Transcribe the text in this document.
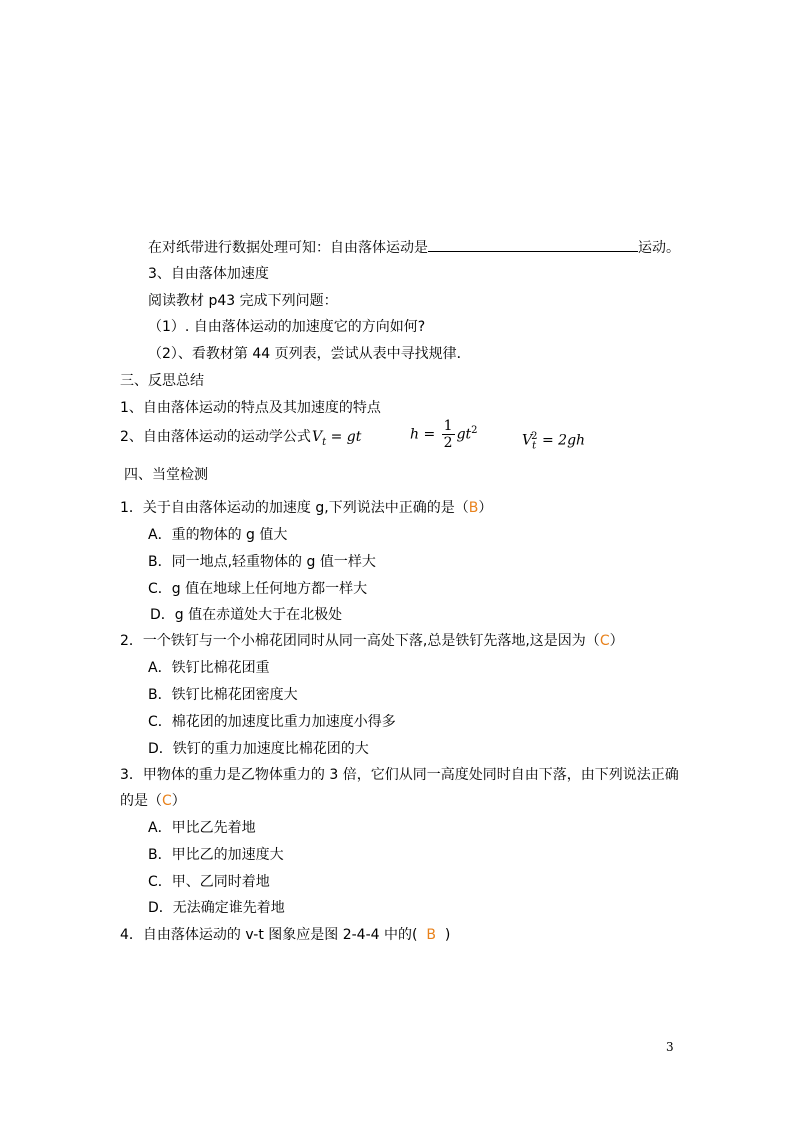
在对纸带进行数据处理可知：自由落体运动是	运动。
3、自由落体加速度
阅读教材 p43 完成下列问题：
（1）. 自由落体运动的加速度它的方向如何?
（2）、看教材第 44 页列表，尝试从表中寻找规律．
三、反思总结
1、自由落体运动的特点及其加速度的特点
2、自由落体运动的运动学公式 $V_t$ = gt	$h = \frac{1}{2} gt^2$
$V_t^2 = 2gh$
四、当堂检测
1．关于自由落体运动的加速度 g,下列说法中正确的是（B）
A．重的物体的 g 值大
B．同一地点,轻重物体的 g 值一样大
C．g 值在地球上任何地方都一样大
D．g 值在赤道处大于在北极处
2．一个铁钉与一个小棉花团同时从同一高处下落,总是铁钉先落地,这是因为（C）
A．铁钉比棉花团重
B．铁钉比棉花团密度大
C．棉花团的加速度比重力加速度小得多
D．铁钉的重力加速度比棉花团的大
3．甲物体的重力是乙物体重力的 3 倍，它们从同一高度处同时自由下落，由下列说法正确
的是（C）
A．甲比乙先着地
B．甲比乙的加速度大
C．甲、乙同时着地
D．无法确定谁先着地
4．自由落体运动的 v-t 图象应是图 2-4-4 中的( B )
3
